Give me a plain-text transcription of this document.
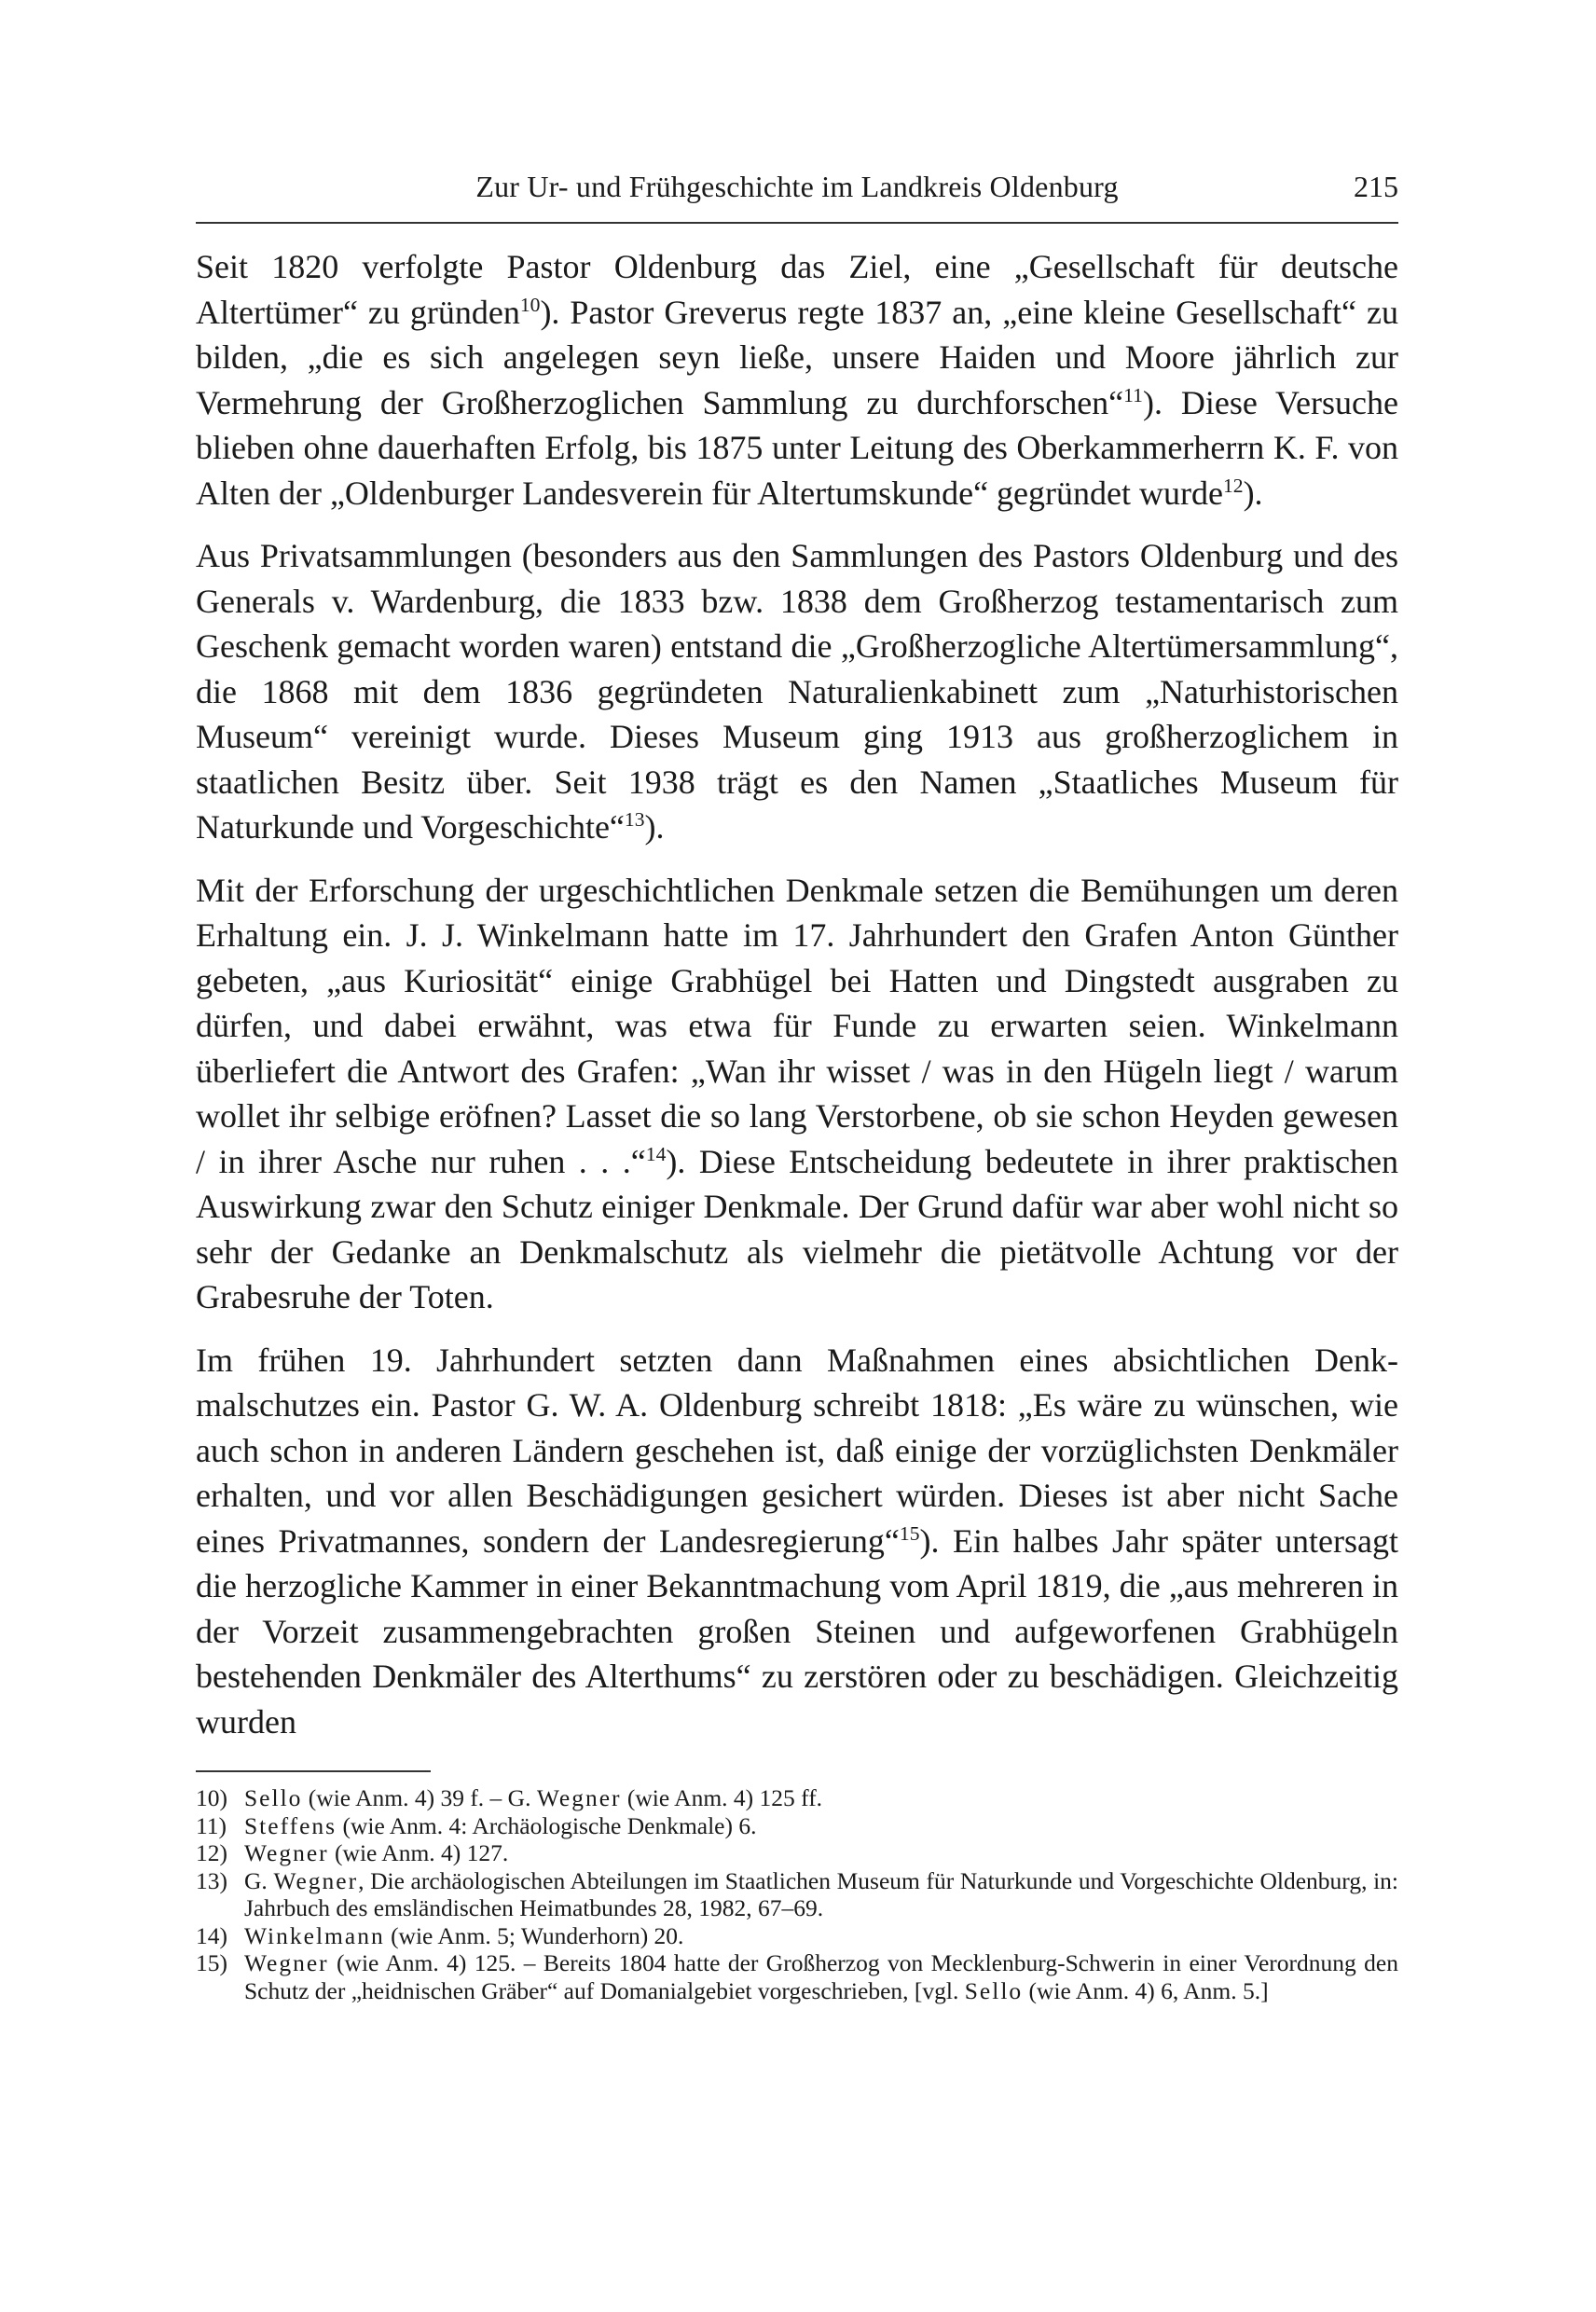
Zur Ur- und Frühgeschichte im Landkreis Oldenburg	215

Seit 1820 verfolgte Pastor Oldenburg das Ziel, eine „Gesellschaft für deutsche Altertümer“ zu gründen$^{10}$). Pastor Greverus regte 1837 an, „eine kleine Gesellschaft“ zu bilden, „die es sich angelegen seyn ließe, unsere Haiden und Moore jährlich zur Vermehrung der Großherzoglichen Sammlung zu durchforschen“$^{11}$). Diese Versuche blieben ohne dauerhaften Erfolg, bis 1875 unter Leitung des Oberkammerherrn K. F. von Alten der „Oldenburger Landesverein für Altertumskunde“ gegründet wurde$^{12}$).

Aus Privatsammlungen (besonders aus den Sammlungen des Pastors Oldenburg und des Generals v. Wardenburg, die 1833 bzw. 1838 dem Großherzog testamentarisch zum Geschenk gemacht worden waren) entstand die „Großherzogliche Altertümersammlung“, die 1868 mit dem 1836 gegründeten Naturalienkabinett zum „Naturhistorischen Museum“ vereinigt wurde. Dieses Museum ging 1913 aus großherzoglichem in staatlichen Besitz über. Seit 1938 trägt es den Namen „Staatliches Museum für Naturkunde und Vorgeschichte“$^{13}$).

Mit der Erforschung der urgeschichtlichen Denkmale setzen die Bemühungen um deren Erhaltung ein. J. J. Winkelmann hatte im 17. Jahrhundert den Grafen Anton Günther gebeten, „aus Kuriosität“ einige Grabhügel bei Hatten und Dingstedt ausgraben zu dürfen, und dabei erwähnt, was etwa für Funde zu erwarten seien. Winkelmann überliefert die Antwort des Grafen: „Wan ihr wisset / was in den Hügeln liegt / warum wollet ihr selbige eröfnen? Lasset die so lang Verstorbene, ob sie schon Heyden gewesen / in ihrer Asche nur ruhen . . .“$^{14}$). Diese Entscheidung bedeutete in ihrer praktischen Auswirkung zwar den Schutz einiger Denkmale. Der Grund dafür war aber wohl nicht so sehr der Gedanke an Denkmalschutz als vielmehr die pietätvolle Achtung vor der Grabesruhe der Toten.

Im frühen 19. Jahrhundert setzten dann Maßnahmen eines absichtlichen Denkmalschutzes ein. Pastor G. W. A. Oldenburg schreibt 1818: „Es wäre zu wünschen, wie auch schon in anderen Ländern geschehen ist, daß einige der vorzüglichsten Denkmäler erhalten, und vor allen Beschädigungen gesichert würden. Dieses ist aber nicht Sache eines Privatmannes, sondern der Landesregierung“$^{15}$). Ein halbes Jahr später untersagt die herzogliche Kammer in einer Bekanntmachung vom April 1819, die „aus mehreren in der Vorzeit zusammengebrachten großen Steinen und aufgeworfenen Grabhügeln bestehenden Denkmäler des Alterthums“ zu zerstören oder zu beschädigen. Gleichzeitig wurden

10) Sello (wie Anm. 4) 39 f. – G. Wegner (wie Anm. 4) 125 ff.
11) Steffens (wie Anm. 4: Archäologische Denkmale) 6.
12) Wegner (wie Anm. 4) 127.
13) G. Wegner, Die archäologischen Abteilungen im Staatlichen Museum für Naturkunde und Vorgeschichte Oldenburg, in: Jahrbuch des emsländischen Heimatbundes 28, 1982, 67–69.
14) Winkelmann (wie Anm. 5; Wunderhorn) 20.
15) Wegner (wie Anm. 4) 125. – Bereits 1804 hatte der Großherzog von Mecklenburg-Schwerin in einer Verordnung den Schutz der „heidnischen Gräber“ auf Domanialgebiet vorgeschrieben, [vgl. Sello (wie Anm. 4) 6, Anm. 5.]
